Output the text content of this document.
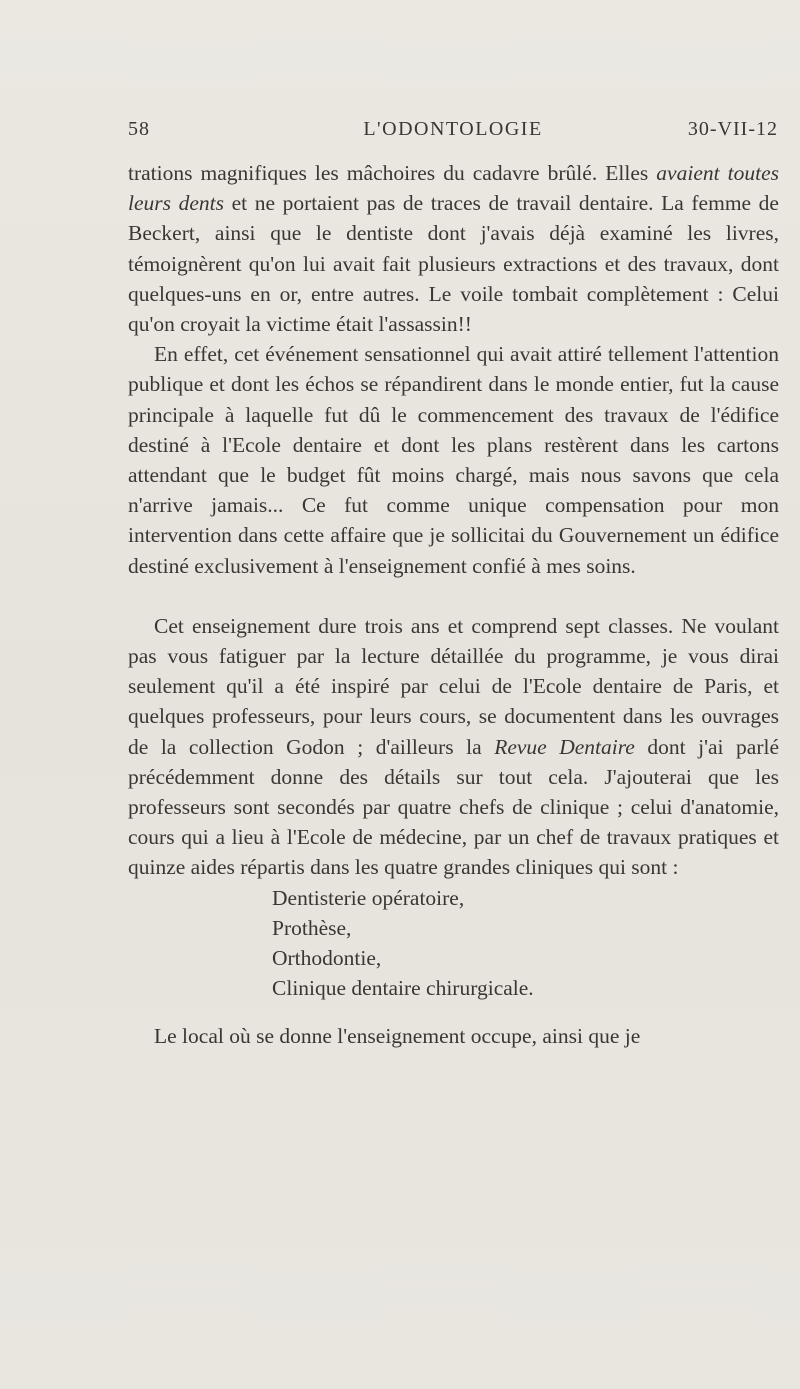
58	L'ODONTOLOGIE	30-VII-12

trations magnifiques les mâchoires du cadavre brûlé. Elles avaient toutes leurs dents et ne portaient pas de traces de travail dentaire. La femme de Beckert, ainsi que le dentiste dont j'avais déjà examiné les livres, témoignèrent qu'on lui avait fait plusieurs extractions et des travaux, dont quelques-uns en or, entre autres. Le voile tombait complètement : Celui qu'on croyait la victime était l'assassin!!

En effet, cet événement sensationnel qui avait attiré tellement l'attention publique et dont les échos se répandirent dans le monde entier, fut la cause principale à laquelle fut dû le commencement des travaux de l'édifice destiné à l'Ecole dentaire et dont les plans restèrent dans les cartons attendant que le budget fût moins chargé, mais nous savons que cela n'arrive jamais... Ce fut comme unique compensation pour mon intervention dans cette affaire que je sollicitai du Gouvernement un édifice destiné exclusivement à l'enseignement confié à mes soins.

Cet enseignement dure trois ans et comprend sept classes. Ne voulant pas vous fatiguer par la lecture détaillée du programme, je vous dirai seulement qu'il a été inspiré par celui de l'Ecole dentaire de Paris, et quelques professeurs, pour leurs cours, se documentent dans les ouvrages de la collection Godon ; d'ailleurs la Revue Dentaire dont j'ai parlé précédemment donne des détails sur tout cela. J'ajouterai que les professeurs sont secondés par quatre chefs de clinique ; celui d'anatomie, cours qui a lieu à l'Ecole de médecine, par un chef de travaux pratiques et quinze aides répartis dans les quatre grandes cliniques qui sont :

Dentisterie opératoire,
Prothèse,
Orthodontie,
Clinique dentaire chirurgicale.

Le local où se donne l'enseignement occupe, ainsi que je
